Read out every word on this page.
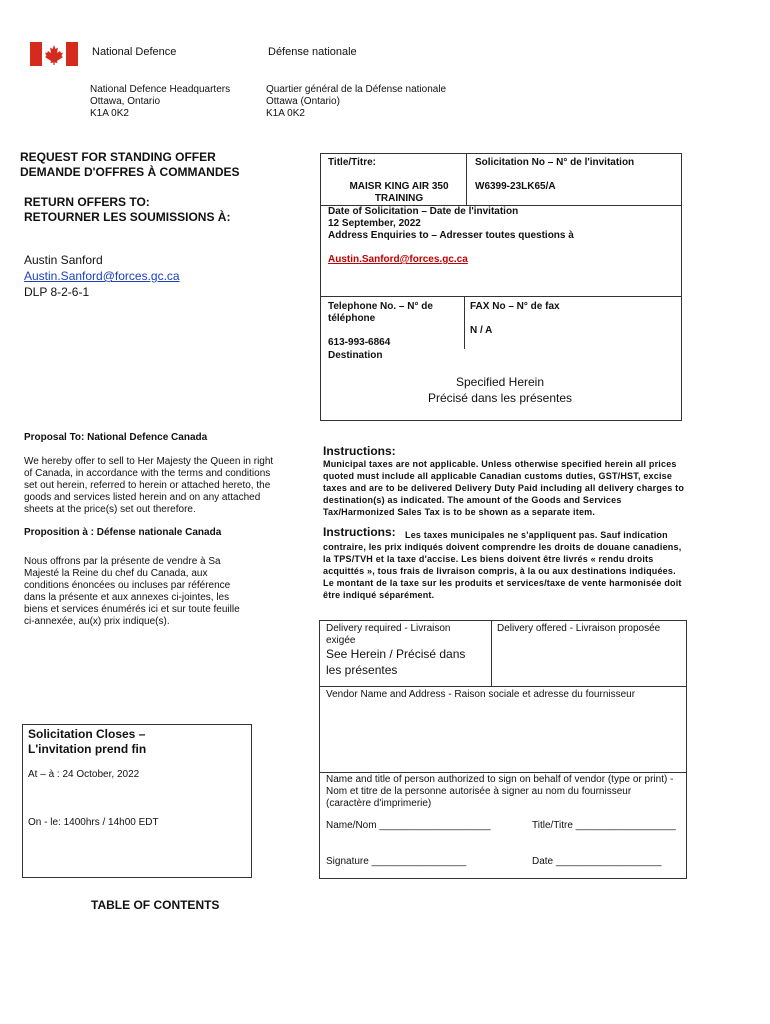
National Defence	Défense nationale
National Defence Headquarters
Ottawa, Ontario
K1A 0K2
Quartier général de la Défense nationale
Ottawa (Ontario)
K1A 0K2
REQUEST FOR STANDING OFFER
DEMANDE D'OFFRES À COMMANDES
RETURN OFFERS TO:
RETOURNER LES SOUMISSIONS À:
Austin Sanford
Austin.Sanford@forces.gc.ca
DLP 8-2-6-1
Proposal To: National Defence Canada
We hereby offer to sell to Her Majesty the Queen in right of Canada, in accordance with the terms and conditions set out herein, referred to herein or attached hereto, the goods and services listed herein and on any attached sheets at the price(s) set out therefore.
Proposition à : Défense nationale Canada
Nous offrons par la présente de vendre à Sa Majesté la Reine du chef du Canada, aux conditions énoncées ou incluses par référence dans la présente et aux annexes ci-jointes, les biens et services énumérés ici et sur toute feuille ci-annexée, au(x) prix indique(s).
Solicitation Closes –
L'invitation prend fin
At – à : 24 October, 2022
On - le: 1400hrs / 14h00 EDT
TABLE OF CONTENTS
Title/Titre:
MAISR KING AIR 350
TRAINING
Solicitation No – N° de l'invitation
W6399-23LK65/A
Date of Solicitation – Date de l'invitation
12 September, 2022
Address Enquiries to – Adresser toutes questions à
Austin.Sanford@forces.gc.ca
Telephone No. – N° de
téléphone
613-993-6864
FAX No – N° de fax
N / A
Destination
Specified Herein
Précisé dans les présentes
Instructions:
Municipal taxes are not applicable. Unless otherwise specified herein all prices quoted must include all applicable Canadian customs duties, GST/HST, excise taxes and are to be delivered Delivery Duty Paid including all delivery charges to destination(s) as indicated. The amount of the Goods and Services Tax/Harmonized Sales Tax is to be shown as a separate item.
Instructions:	Les taxes municipales ne s'appliquent pas. Sauf indication contraire, les prix indiqués doivent comprendre les droits de douane canadiens, la TPS/TVH et la taxe d'accise. Les biens doivent être livrés « rendu droits acquittés », tous frais de livraison compris, à la ou aux destinations indiquées. Le montant de la taxe sur les produits et services/taxe de vente harmonisée doit être indiqué séparément.
Delivery required - Livraison
exigée
See Herein / Précisé dans
les présentes
Delivery offered - Livraison proposée
Vendor Name and Address - Raison sociale et adresse du fournisseur
Name and title of person authorized to sign on behalf of vendor (type or print) - Nom et titre de la personne autorisée à signer au nom du fournisseur (caractère d'imprimerie)
Name/Nom ____________________	Title/Titre __________________
Signature _________________	Date ___________________
